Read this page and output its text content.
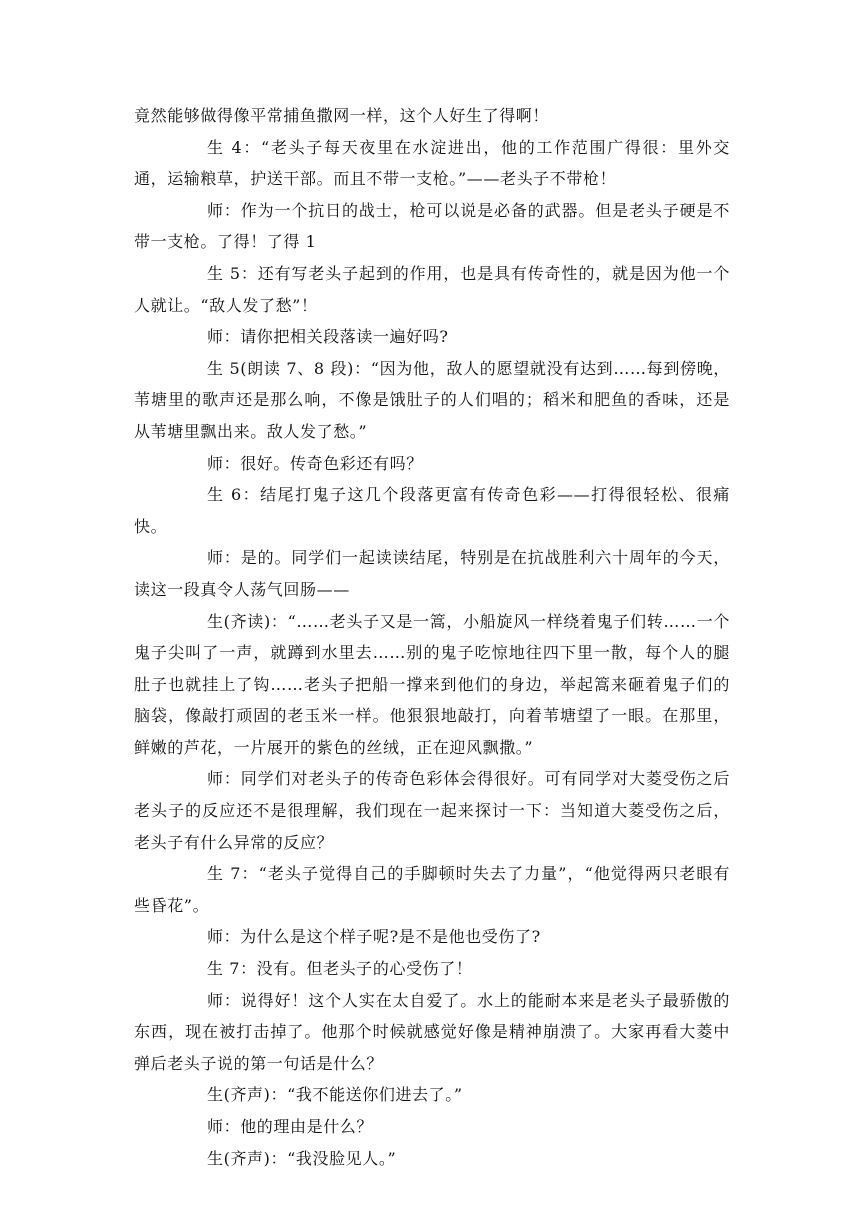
竟然能够做得像平常捕鱼撒网一样，这个人好生了得啊！

生 4：“老头子每天夜里在水淀进出，他的工作范围广得很：里外交通，运输粮草，护送干部。而且不带一支枪。”——老头子不带枪！

师：作为一个抗日的战士，枪可以说是必备的武器。但是老头子硬是不带一支枪。了得！了得 1

生 5：还有写老头子起到的作用，也是具有传奇性的，就是因为他一个人就让。“敌人发了愁”！

师：请你把相关段落读一遍好吗?

生 5(朗读 7、8 段)：“因为他，敌人的愿望就没有达到……每到傍晚，苇塘里的歌声还是那么响，不像是饿肚子的人们唱的；稻米和肥鱼的香味，还是从苇塘里飘出来。敌人发了愁。”

师：很好。传奇色彩还有吗？

生 6：结尾打鬼子这几个段落更富有传奇色彩——打得很轻松、很痛快。

师：是的。同学们一起读读结尾，特别是在抗战胜利六十周年的今天，读这一段真令人荡气回肠——

生(齐读)：“……老头子又是一篙，小船旋风一样绕着鬼子们转……一个鬼子尖叫了一声，就蹲到水里去……别的鬼子吃惊地往四下里一散，每个人的腿肚子也就挂上了钩……老头子把船一撑来到他们的身边，举起篙来砸着鬼子们的脑袋，像敲打顽固的老玉米一样。他狠狠地敲打，向着苇塘望了一眼。在那里，鲜嫩的芦花，一片展开的紫色的丝绒，正在迎风飘撒。”

师：同学们对老头子的传奇色彩体会得很好。可有同学对大菱受伤之后老头子的反应还不是很理解，我们现在一起来探讨一下：当知道大菱受伤之后，老头子有什么异常的反应？

生 7：“老头子觉得自己的手脚顿时失去了力量”，“他觉得两只老眼有些昏花”。

师：为什么是这个样子呢?是不是他也受伤了?

生 7：没有。但老头子的心受伤了！

师：说得好！这个人实在太自爱了。水上的能耐本来是老头子最骄傲的东西，现在被打击掉了。他那个时候就感觉好像是精神崩溃了。大家再看大菱中弹后老头子说的第一句话是什么？

生(齐声)：“我不能送你们进去了。”

师：他的理由是什么？

生(齐声)：“我没脸见人。”
